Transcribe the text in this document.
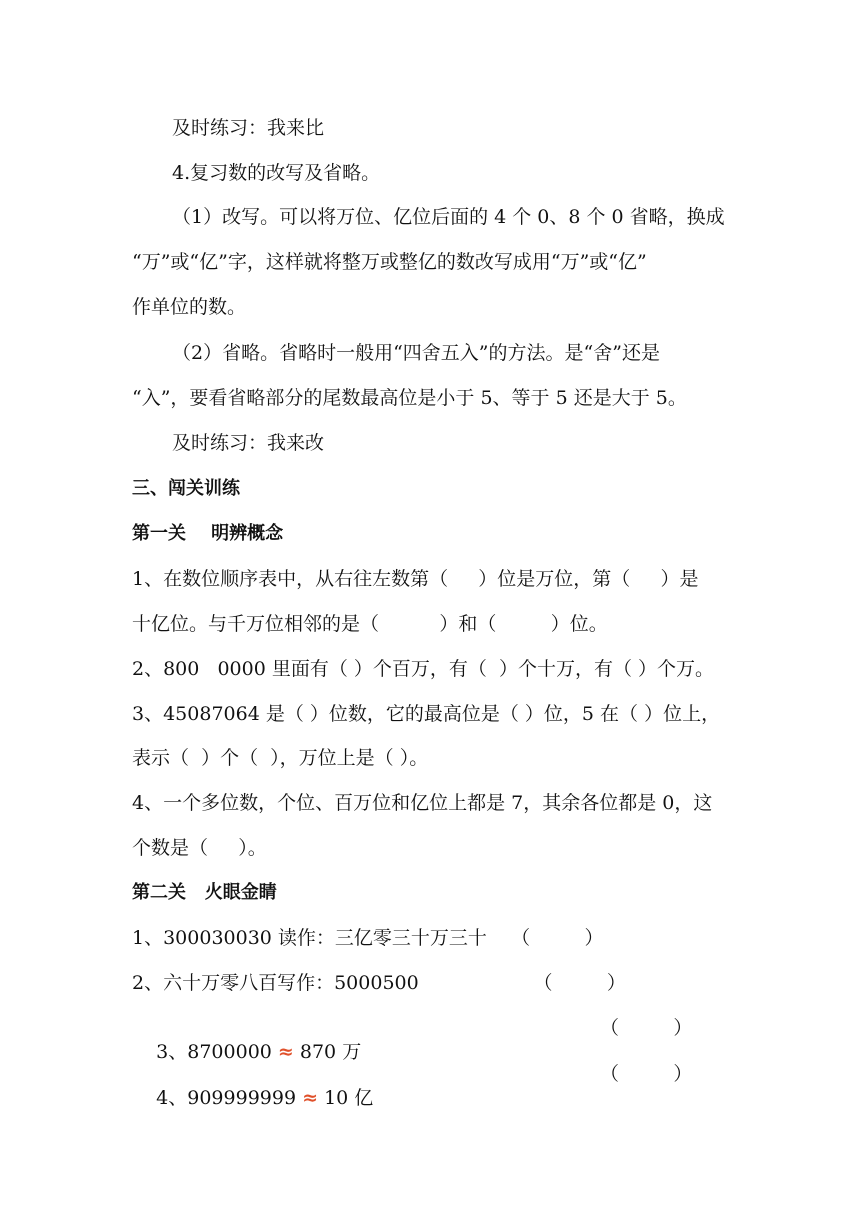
及时练习：我来比
4.复习数的改写及省略。
（1）改写。可以将万位、亿位后面的 4 个 0、8 个 0 省略，换成
“万”或“亿”字，这样就将整万或整亿的数改写成用“万”或“亿”
作单位的数。
（2）省略。省略时一般用“四舍五入”的方法。是“舍”还是
“入”，要看省略部分的尾数最高位是小于 5、等于 5 还是大于 5。
及时练习：我来改
三、闯关训练
第一关    明辨概念
1、在数位顺序表中，从右往左数第（     ）位是万位，第（     ）是
十亿位。与千万位相邻的是（          ）和（         ）位。
2、800   0000 里面有（ ）个百万，有（  ）个十万，有（ ）个万。
3、45087064 是（ ）位数，它的最高位是（ ）位，5 在（ ）位上，
表示（  ）个（  ），万位上是（ ）。
4、一个多位数，个位、百万位和亿位上都是 7，其余各位都是 0，这
个数是（     ）。
第二关   火眼金睛
1、300030030 读作：三亿零三十万三十    （         ）
2、六十万零八百写作：5000500                   （         ）

3、8700000 ≈ 870 万

（         ）

4、909999999 ≈ 10 亿

（         ）
